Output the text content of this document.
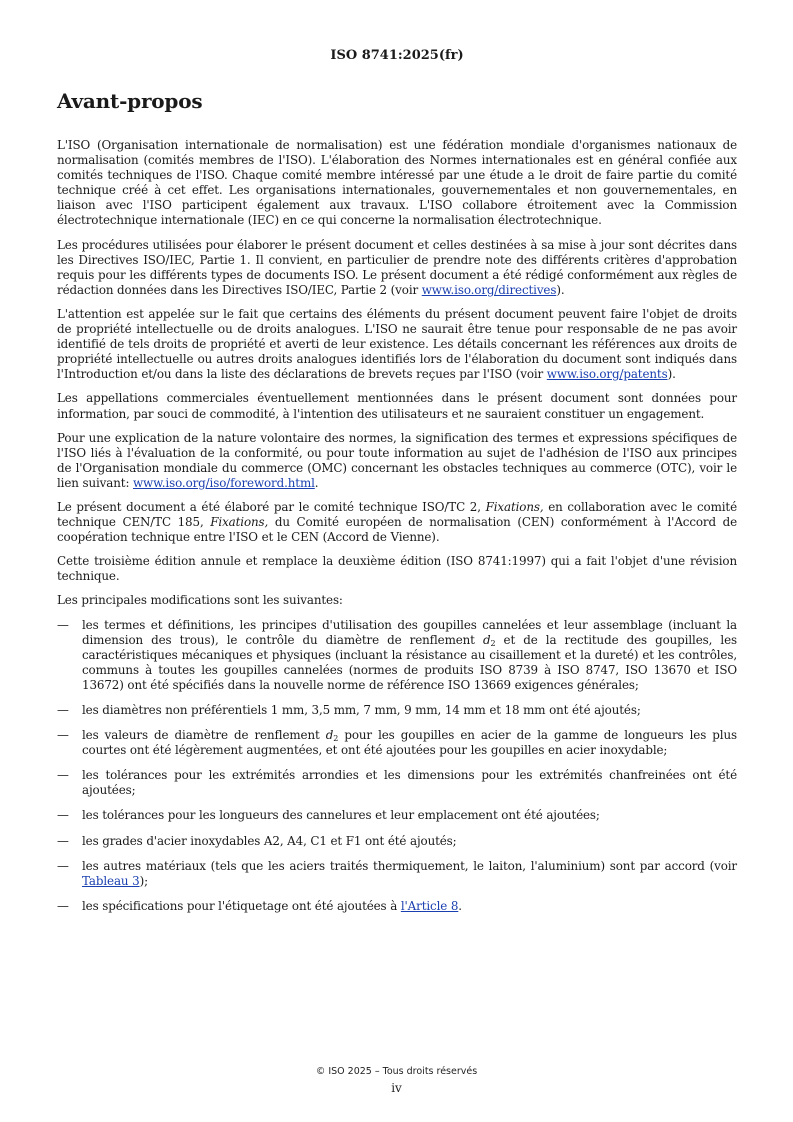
ISO 8741:2025(fr)
Avant-propos

L'ISO (Organisation internationale de normalisation) est une fédération mondiale d'organismes nationaux de normalisation (comités membres de l'ISO). L'élaboration des Normes internationales est en général confiée aux comités techniques de l'ISO. Chaque comité membre intéressé par une étude a le droit de faire partie du comité technique créé à cet effet. Les organisations internationales, gouvernementales et non gouvernementales, en liaison avec l'ISO participent également aux travaux. L'ISO collabore étroitement avec la Commission électrotechnique internationale (IEC) en ce qui concerne la normalisation électrotechnique.

Les procédures utilisées pour élaborer le présent document et celles destinées à sa mise à jour sont décrites dans les Directives ISO/IEC, Partie 1. Il convient, en particulier de prendre note des différents critères d'approbation requis pour les différents types de documents ISO. Le présent document a été rédigé conformément aux règles de rédaction données dans les Directives ISO/IEC, Partie 2 (voir www.iso.org/directives).

L'attention est appelée sur le fait que certains des éléments du présent document peuvent faire l'objet de droits de propriété intellectuelle ou de droits analogues. L'ISO ne saurait être tenue pour responsable de ne pas avoir identifié de tels droits de propriété et averti de leur existence. Les détails concernant les références aux droits de propriété intellectuelle ou autres droits analogues identifiés lors de l'élaboration du document sont indiqués dans l'Introduction et/ou dans la liste des déclarations de brevets reçues par l'ISO (voir www.iso.org/patents).

Les appellations commerciales éventuellement mentionnées dans le présent document sont données pour information, par souci de commodité, à l'intention des utilisateurs et ne sauraient constituer un engagement.

Pour une explication de la nature volontaire des normes, la signification des termes et expressions spécifiques de l'ISO liés à l'évaluation de la conformité, ou pour toute information au sujet de l'adhésion de l'ISO aux principes de l'Organisation mondiale du commerce (OMC) concernant les obstacles techniques au commerce (OTC), voir le lien suivant: www.iso.org/iso/foreword.html.

Le présent document a été élaboré par le comité technique ISO/TC 2, Fixations, en collaboration avec le comité technique CEN/TC 185, Fixations, du Comité européen de normalisation (CEN) conformément à l'Accord de coopération technique entre l'ISO et le CEN (Accord de Vienne).

Cette troisième édition annule et remplace la deuxième édition (ISO 8741:1997) qui a fait l'objet d'une révision technique.

Les principales modifications sont les suivantes:

— les termes et définitions, les principes d'utilisation des goupilles cannelées et leur assemblage (incluant la dimension des trous), le contrôle du diamètre de renflement $d_2$ et de la rectitude des goupilles, les caractéristiques mécaniques et physiques (incluant la résistance au cisaillement et la dureté) et les contrôles, communs à toutes les goupilles cannelées (normes de produits ISO 8739 à ISO 8747, ISO 13670 et ISO 13672) ont été spécifiés dans la nouvelle norme de référence ISO 13669 exigences générales;
— les diamètres non préférentiels 1 mm, 3,5 mm, 7 mm, 9 mm, 14 mm et 18 mm ont été ajoutés;
— les valeurs de diamètre de renflement $d_2$ pour les goupilles en acier de la gamme de longueurs les plus courtes ont été légèrement augmentées, et ont été ajoutées pour les goupilles en acier inoxydable;
— les tolérances pour les extrémités arrondies et les dimensions pour les extrémités chanfreinées ont été ajoutées;
— les tolérances pour les longueurs des cannelures et leur emplacement ont été ajoutées;
— les grades d'acier inoxydables A2, A4, C1 et F1 ont été ajoutés;
— les autres matériaux (tels que les aciers traités thermiquement, le laiton, l'aluminium) sont par accord (voir Tableau 3);
— les spécifications pour l'étiquetage ont été ajoutées à l'Article 8.
© ISO 2025 – Tous droits réservés
iv
